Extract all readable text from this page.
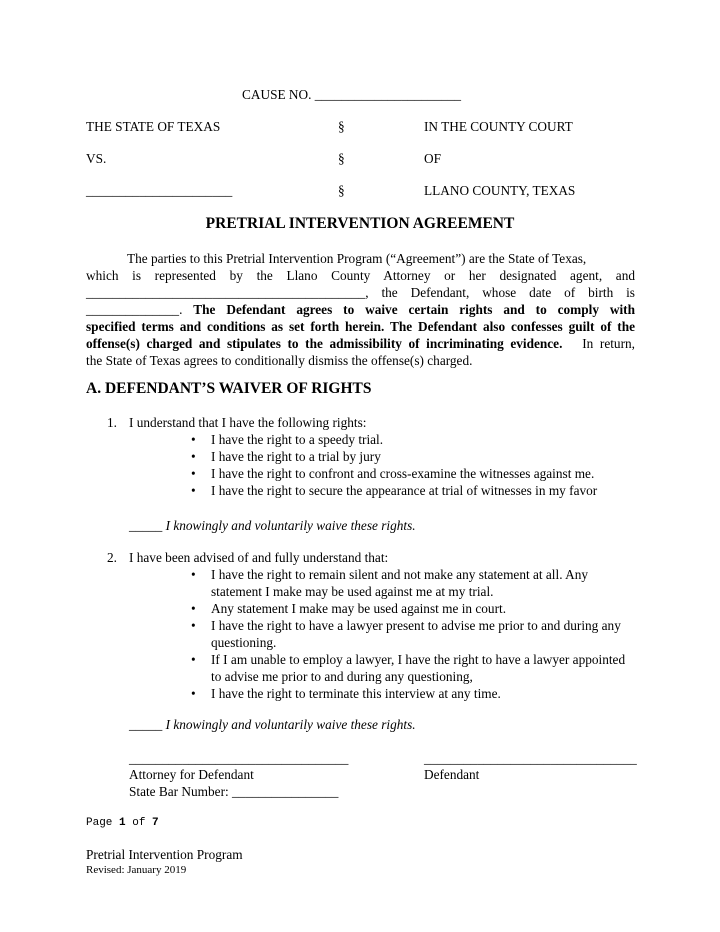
CAUSE NO. ______________________
THE STATE OF TEXAS	§	IN THE COUNTY COURT
VS.	§	OF
______________________	§	LLANO COUNTY, TEXAS
PRETRIAL INTERVENTION AGREEMENT

The parties to this Pretrial Intervention Program (“Agreement”) are the State of Texas,

which is represented by the Llano County Attorney or her designated agent, and

__________________________________________, the Defendant, whose date of birth is

______________. The Defendant agrees to waive certain rights and to comply with

specified terms and conditions as set forth herein. The Defendant also confesses guilt of the

offense(s) charged and stipulates to the admissibility of incriminating evidence. In return,

the State of Texas agrees to conditionally dismiss the offense(s) charged.

A. DEFENDANT’S WAIVER OF RIGHTS
1. I understand that I have the following rights:
• I have the right to a speedy trial.
• I have the right to a trial by jury
• I have the right to confront and cross-examine the witnesses against me.
• I have the right to secure the appearance at trial of witnesses in my favor
_____ I knowingly and voluntarily waive these rights.
2. I have been advised of and fully understand that:
• I have the right to remain silent and not make any statement at all. Any statement I make may be used against me at my trial.
• Any statement I make may be used against me in court.
• I have the right to have a lawyer present to advise me prior to and during any questioning.
• If I am unable to employ a lawyer, I have the right to have a lawyer appointed to advise me prior to and during any questioning,
• I have the right to terminate this interview at any time.
_____ I knowingly and voluntarily waive these rights.
_________________________________	________________________________
Attorney for Defendant	Defendant
State Bar Number: ________________
Page 1 of 7
Pretrial Intervention Program
Revised: January 2019
